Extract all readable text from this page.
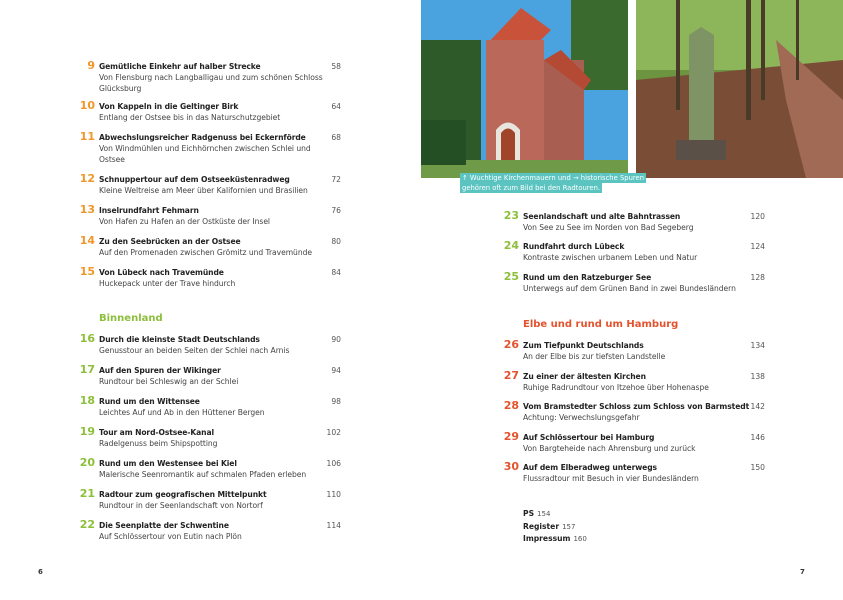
9 Gemütliche Einkehr auf halber Strecke	58
Von Flensburg nach Langballigau und zum schönen Schloss Glücksburg
10 Von Kappeln in die Geltinger Birk	64
Entlang der Ostsee bis in das Naturschutzgebiet
11 Abwechslungsreicher Radgenuss bei Eckernförde	68
Von Windmühlen und Eichhörnchen zwischen Schlei und Ostsee
12 Schnuppertour auf dem Ostseeküstenradweg	72
Kleine Weltreise am Meer über Kalifornien und Brasilien
13 Inselrundfahrt Fehmarn	76
Von Hafen zu Hafen an der Ostküste der Insel
14 Zu den Seebrücken an der Ostsee	80
Auf den Promenaden zwischen Grömitz und Travemünde
15 Von Lübeck nach Travemünde	84
Huckepack unter der Trave hindurch
Binnenland
16 Durch die kleinste Stadt Deutschlands	90
Genusstour an beiden Seiten der Schlei nach Arnis
17 Auf den Spuren der Wikinger	94
Rundtour bei Schleswig an der Schlei
18 Rund um den Wittensee	98
Leichtes Auf und Ab in den Hüttener Bergen
19 Tour am Nord-Ostsee-Kanal	102
Radelgenuss beim Shipspotting
20 Rund um den Westensee bei Kiel	106
Malerische Seenromantik auf schmalen Pfaden erleben
21 Radtour zum geografischen Mittelpunkt	110
Rundtour in der Seenlandschaft von Nortorf
22 Die Seenplatte der Schwentine	114
Auf Schlössertour von Eutin nach Plön
6
↑ Wuchtige Kirchenmauern und → historische Spuren
gehören oft zum Bild bei den Radtouren.
23 Seenlandschaft und alte Bahntrassen	120
Von See zu See im Norden von Bad Segeberg
24 Rundfahrt durch Lübeck	124
Kontraste zwischen urbanem Leben und Natur
25 Rund um den Ratzeburger See	128
Unterwegs auf dem Grünen Band in zwei Bundesländern
Elbe und rund um Hamburg
26 Zum Tiefpunkt Deutschlands	134
An der Elbe bis zur tiefsten Landstelle
27 Zu einer der ältesten Kirchen	138
Ruhige Radrundtour von Itzehoe über Hohenaspe
28 Vom Bramstedter Schloss zum Schloss von Barmstedt 142
Achtung: Verwechslungsgefahr
29 Auf Schlössertour bei Hamburg	146
Von Bargteheide nach Ahrensburg und zurück
30 Auf dem Elberadweg unterwegs	150
Flussradtour mit Besuch in vier Bundesländern
PS 154
Register 157
Impressum 160
7
